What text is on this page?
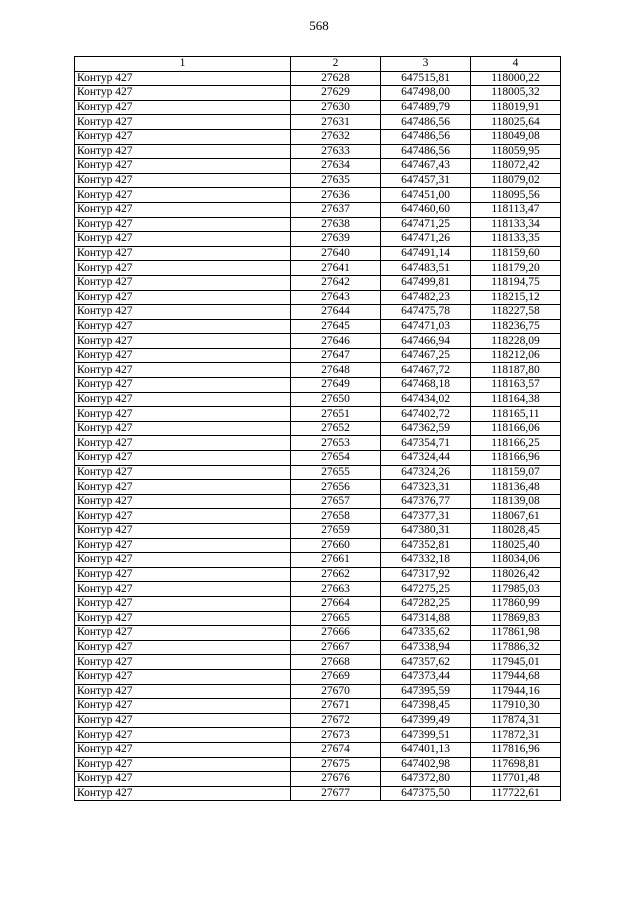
568
1	2	3	4
Контур 427	27628	647515,81	118000,22
Контур 427	27629	647498,00	118005,32
Контур 427	27630	647489,79	118019,91
Контур 427	27631	647486,56	118025,64
Контур 427	27632	647486,56	118049,08
Контур 427	27633	647486,56	118059,95
Контур 427	27634	647467,43	118072,42
Контур 427	27635	647457,31	118079,02
Контур 427	27636	647451,00	118095,56
Контур 427	27637	647460,60	118113,47
Контур 427	27638	647471,25	118133,34
Контур 427	27639	647471,26	118133,35
Контур 427	27640	647491,14	118159,60
Контур 427	27641	647483,51	118179,20
Контур 427	27642	647499,81	118194,75
Контур 427	27643	647482,23	118215,12
Контур 427	27644	647475,78	118227,58
Контур 427	27645	647471,03	118236,75
Контур 427	27646	647466,94	118228,09
Контур 427	27647	647467,25	118212,06
Контур 427	27648	647467,72	118187,80
Контур 427	27649	647468,18	118163,57
Контур 427	27650	647434,02	118164,38
Контур 427	27651	647402,72	118165,11
Контур 427	27652	647362,59	118166,06
Контур 427	27653	647354,71	118166,25
Контур 427	27654	647324,44	118166,96
Контур 427	27655	647324,26	118159,07
Контур 427	27656	647323,31	118136,48
Контур 427	27657	647376,77	118139,08
Контур 427	27658	647377,31	118067,61
Контур 427	27659	647380,31	118028,45
Контур 427	27660	647352,81	118025,40
Контур 427	27661	647332,18	118034,06
Контур 427	27662	647317,92	118026,42
Контур 427	27663	647275,25	117985,03
Контур 427	27664	647282,25	117860,99
Контур 427	27665	647314,88	117869,83
Контур 427	27666	647335,62	117861,98
Контур 427	27667	647338,94	117886,32
Контур 427	27668	647357,62	117945,01
Контур 427	27669	647373,44	117944,68
Контур 427	27670	647395,59	117944,16
Контур 427	27671	647398,45	117910,30
Контур 427	27672	647399,49	117874,31
Контур 427	27673	647399,51	117872,31
Контур 427	27674	647401,13	117816,96
Контур 427	27675	647402,98	117698,81
Контур 427	27676	647372,80	117701,48
Контур 427	27677	647375,50	117722,61
